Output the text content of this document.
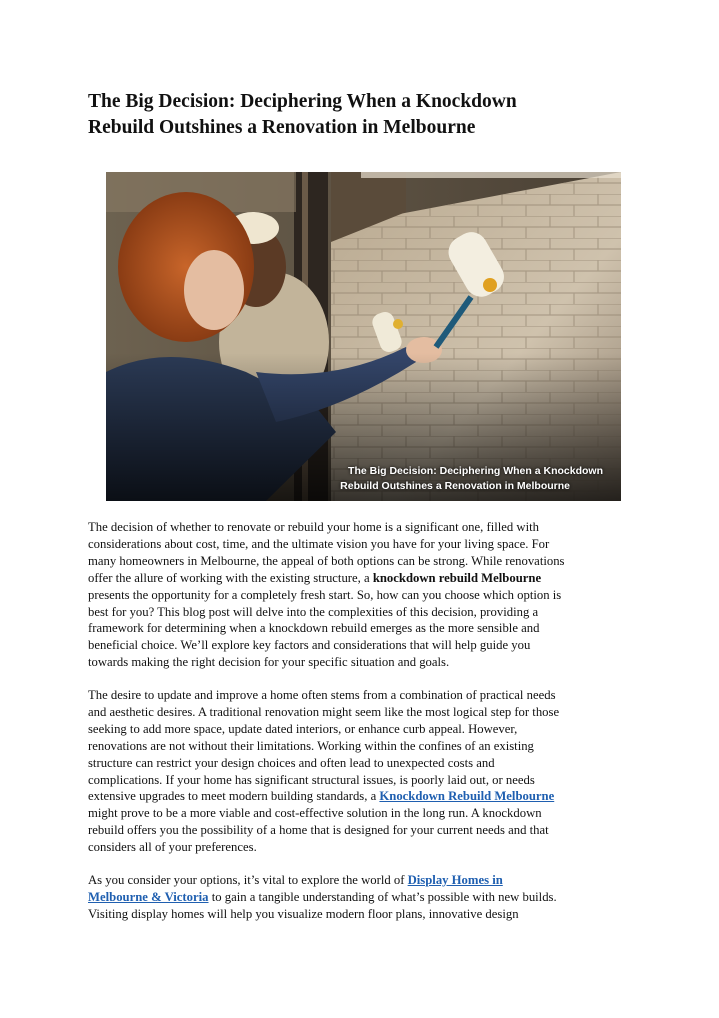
The Big Decision: Deciphering When a Knockdown
Rebuild Outshines a Renovation in Melbourne
The Big Decision: Deciphering When a Knockdown
Rebuild Outshines a Renovation in Melbourne

The decision of whether to renovate or rebuild your home is a significant one, filled with
considerations about cost, time, and the ultimate vision you have for your living space. For
many homeowners in Melbourne, the appeal of both options can be strong. While renovations
offer the allure of working with the existing structure, a knockdown rebuild Melbourne
presents the opportunity for a completely fresh start. So, how can you choose which option is
best for you? This blog post will delve into the complexities of this decision, providing a
framework for determining when a knockdown rebuild emerges as the more sensible and
beneficial choice. We’ll explore key factors and considerations that will help guide you
towards making the right decision for your specific situation and goals.

The desire to update and improve a home often stems from a combination of practical needs
and aesthetic desires. A traditional renovation might seem like the most logical step for those
seeking to add more space, update dated interiors, or enhance curb appeal. However,
renovations are not without their limitations. Working within the confines of an existing
structure can restrict your design choices and often lead to unexpected costs and
complications. If your home has significant structural issues, is poorly laid out, or needs
extensive upgrades to meet modern building standards, a Knockdown Rebuild Melbourne
might prove to be a more viable and cost-effective solution in the long run. A knockdown
rebuild offers you the possibility of a home that is designed for your current needs and that
considers all of your preferences.

As you consider your options, it’s vital to explore the world of Display Homes in
Melbourne & Victoria to gain a tangible understanding of what’s possible with new builds.
Visiting display homes will help you visualize modern floor plans, innovative design
